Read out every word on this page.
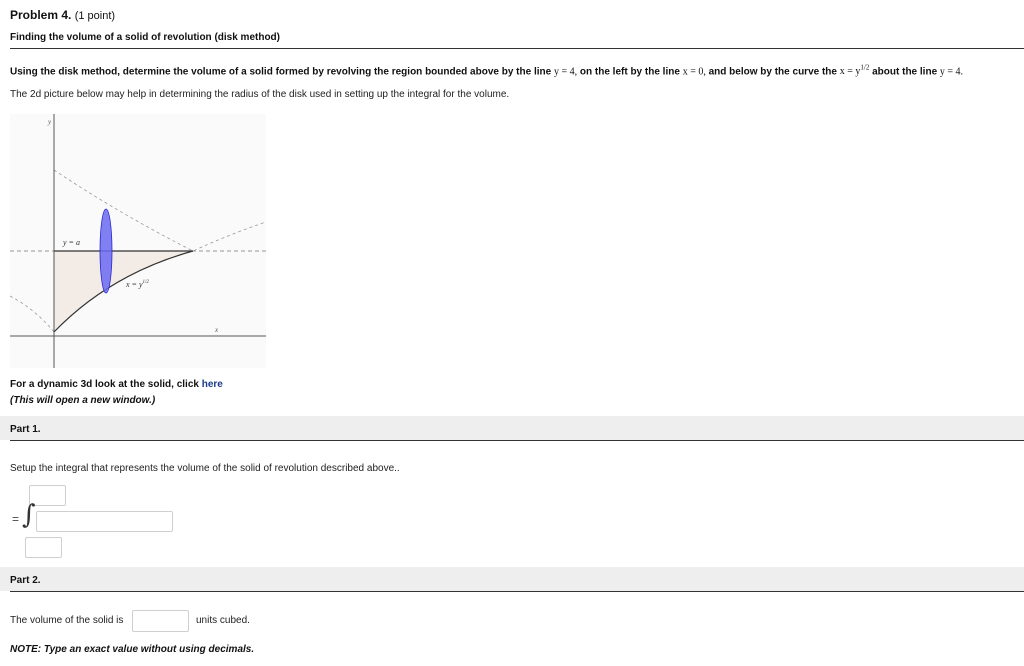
Problem 4. (1 point)
Finding the volume of a solid of revolution (disk method)
Using the disk method, determine the volume of a solid formed by revolving the region bounded above by the line y = 4, on the left by the line x = 0, and below by the curve the $x = y^{1/2}$ about the line y = 4.
The 2d picture below may help in determining the radius of the disk used in setting up the integral for the volume.
y
x
y = a
$x = y^{1/2}$
For a dynamic 3d look at the solid, click here
(This will open a new window.)
Part 1.
Setup the integral that represents the volume of the solid of revolution described above..
= ∫
Part 2.
The volume of the solid is	units cubed.
NOTE: Type an exact value without using decimals.
